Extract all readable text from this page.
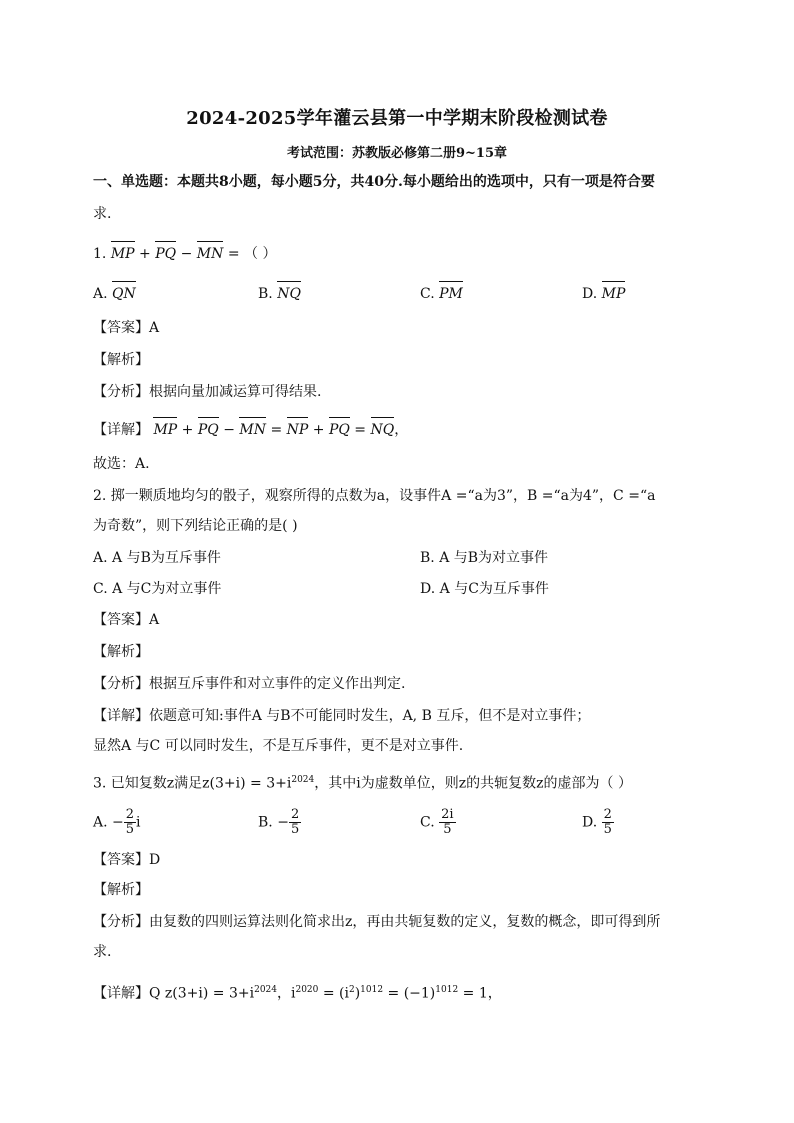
2024-2025学年灌云县第一中学期末阶段检测试卷
考试范围：苏教版必修第二册9~15章
一、单选题：本题共8小题，每小题5分，共40分.每小题给出的选项中，只有一项是符合要
求.
1. MP + PQ − MN = （ ）
A. QN	B. NQ	C. PM	D. MP
【答案】A
【解析】
【分析】根据向量加减运算可得结果.
【详解】 MP + PQ − MN = NP + PQ = NQ，
故选：A.
2. 掷一颗质地均匀的骰子，观察所得的点数为a，设事件A =“a为3”，B =“a为4”，C =“a
为奇数”，则下列结论正确的是( )
A. A 与B为互斥事件	B. A 与B为对立事件
C. A 与C为对立事件	D. A 与C为互斥事件
【答案】A
【解析】
【分析】根据互斥事件和对立事件的定义作出判定.
【详解】依题意可知:事件A 与B不可能同时发生，A, B 互斥，但不是对立事件；
显然A 与C 可以同时发生，不是互斥事件，更不是对立事件.
3. 已知复数z满足$z(3+i) = 3+i^{2024}$，其中i为虚数单位，则z的共轭复数z的虚部为（ ）
A. − $\frac{2}{5}$ i	B. − $\frac{2}{5}$	C. $\frac{2i}{5}$	D. $\frac{2}{5}$
【答案】D
【解析】
【分析】由复数的四则运算法则化简求出z，再由共轭复数的定义，复数的概念，即可得到所
求.
【详解】Q $z(3+i) = 3+i^{2024}$，$i^{2020} = (i^2)^{1012} = (-1)^{1012} = 1$，
